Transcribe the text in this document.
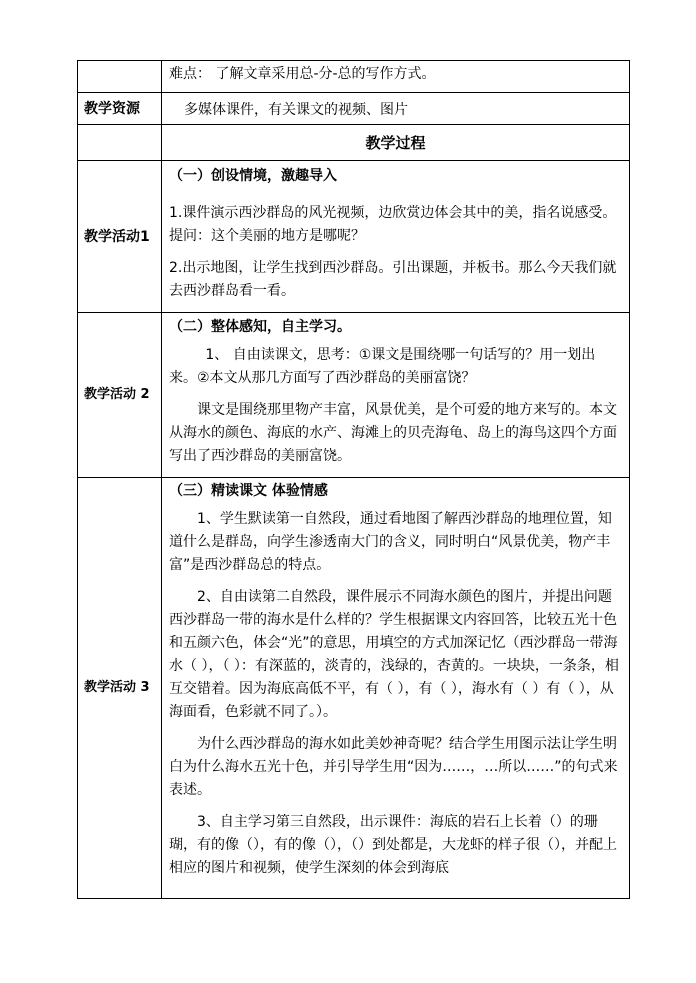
	难点： 了解文章采用总-分-总的写作方式。
教学资源	多媒体课件，有关课文的视频、图片
	教学过程
教学活动1	（一）创设情境，激趣导入

1.课件演示西沙群岛的风光视频，边欣赏边体会其中的美，指名说感受。提问：这个美丽的地方是哪呢？

2.出示地图，让学生找到西沙群岛。引出课题，并板书。那么今天我们就去西沙群岛看一看。

教学活动 2	（二）整体感知，自主学习。

1、 自由读课文，思考：①课文是围绕哪一句话写的？用一划出来。②本文从那几方面写了西沙群岛的美丽富饶？

课文是围绕那里物产丰富，风景优美，是个可爱的地方来写的。本文从海水的颜色、海底的水产、海滩上的贝壳海龟、岛上的海鸟这四个方面写出了西沙群岛的美丽富饶。

教学活动 3	（三）精读课文 体验情感

1、学生默读第一自然段，通过看地图了解西沙群岛的地理位置，知道什么是群岛，向学生渗透南大门的含义，同时明白“风景优美，物产丰富”是西沙群岛总的特点。

2、自由读第二自然段，课件展示不同海水颜色的图片，并提出问题西沙群岛一带的海水是什么样的？学生根据课文内容回答，比较五光十色和五颜六色，体会“光”的意思，用填空的方式加深记忆（西沙群岛一带海水（ ），（ ）：有深蓝的，淡青的，浅绿的，杏黄的。一块块，一条条，相互交错着。因为海底高低不平，有（ ），有（ ），海水有（ ）有（ ），从海面看，色彩就不同了。）。

为什么西沙群岛的海水如此美妙神奇呢？结合学生用图示法让学生明白为什么海水五光十色，并引导学生用“因为……，…所以……”的句式来表述。

3、自主学习第三自然段，出示课件：海底的岩石上长着（）的珊瑚，有的像（），有的像（），（）到处都是，大龙虾的样子很（），并配上相应的图片和视频，使学生深刻的体会到海底
